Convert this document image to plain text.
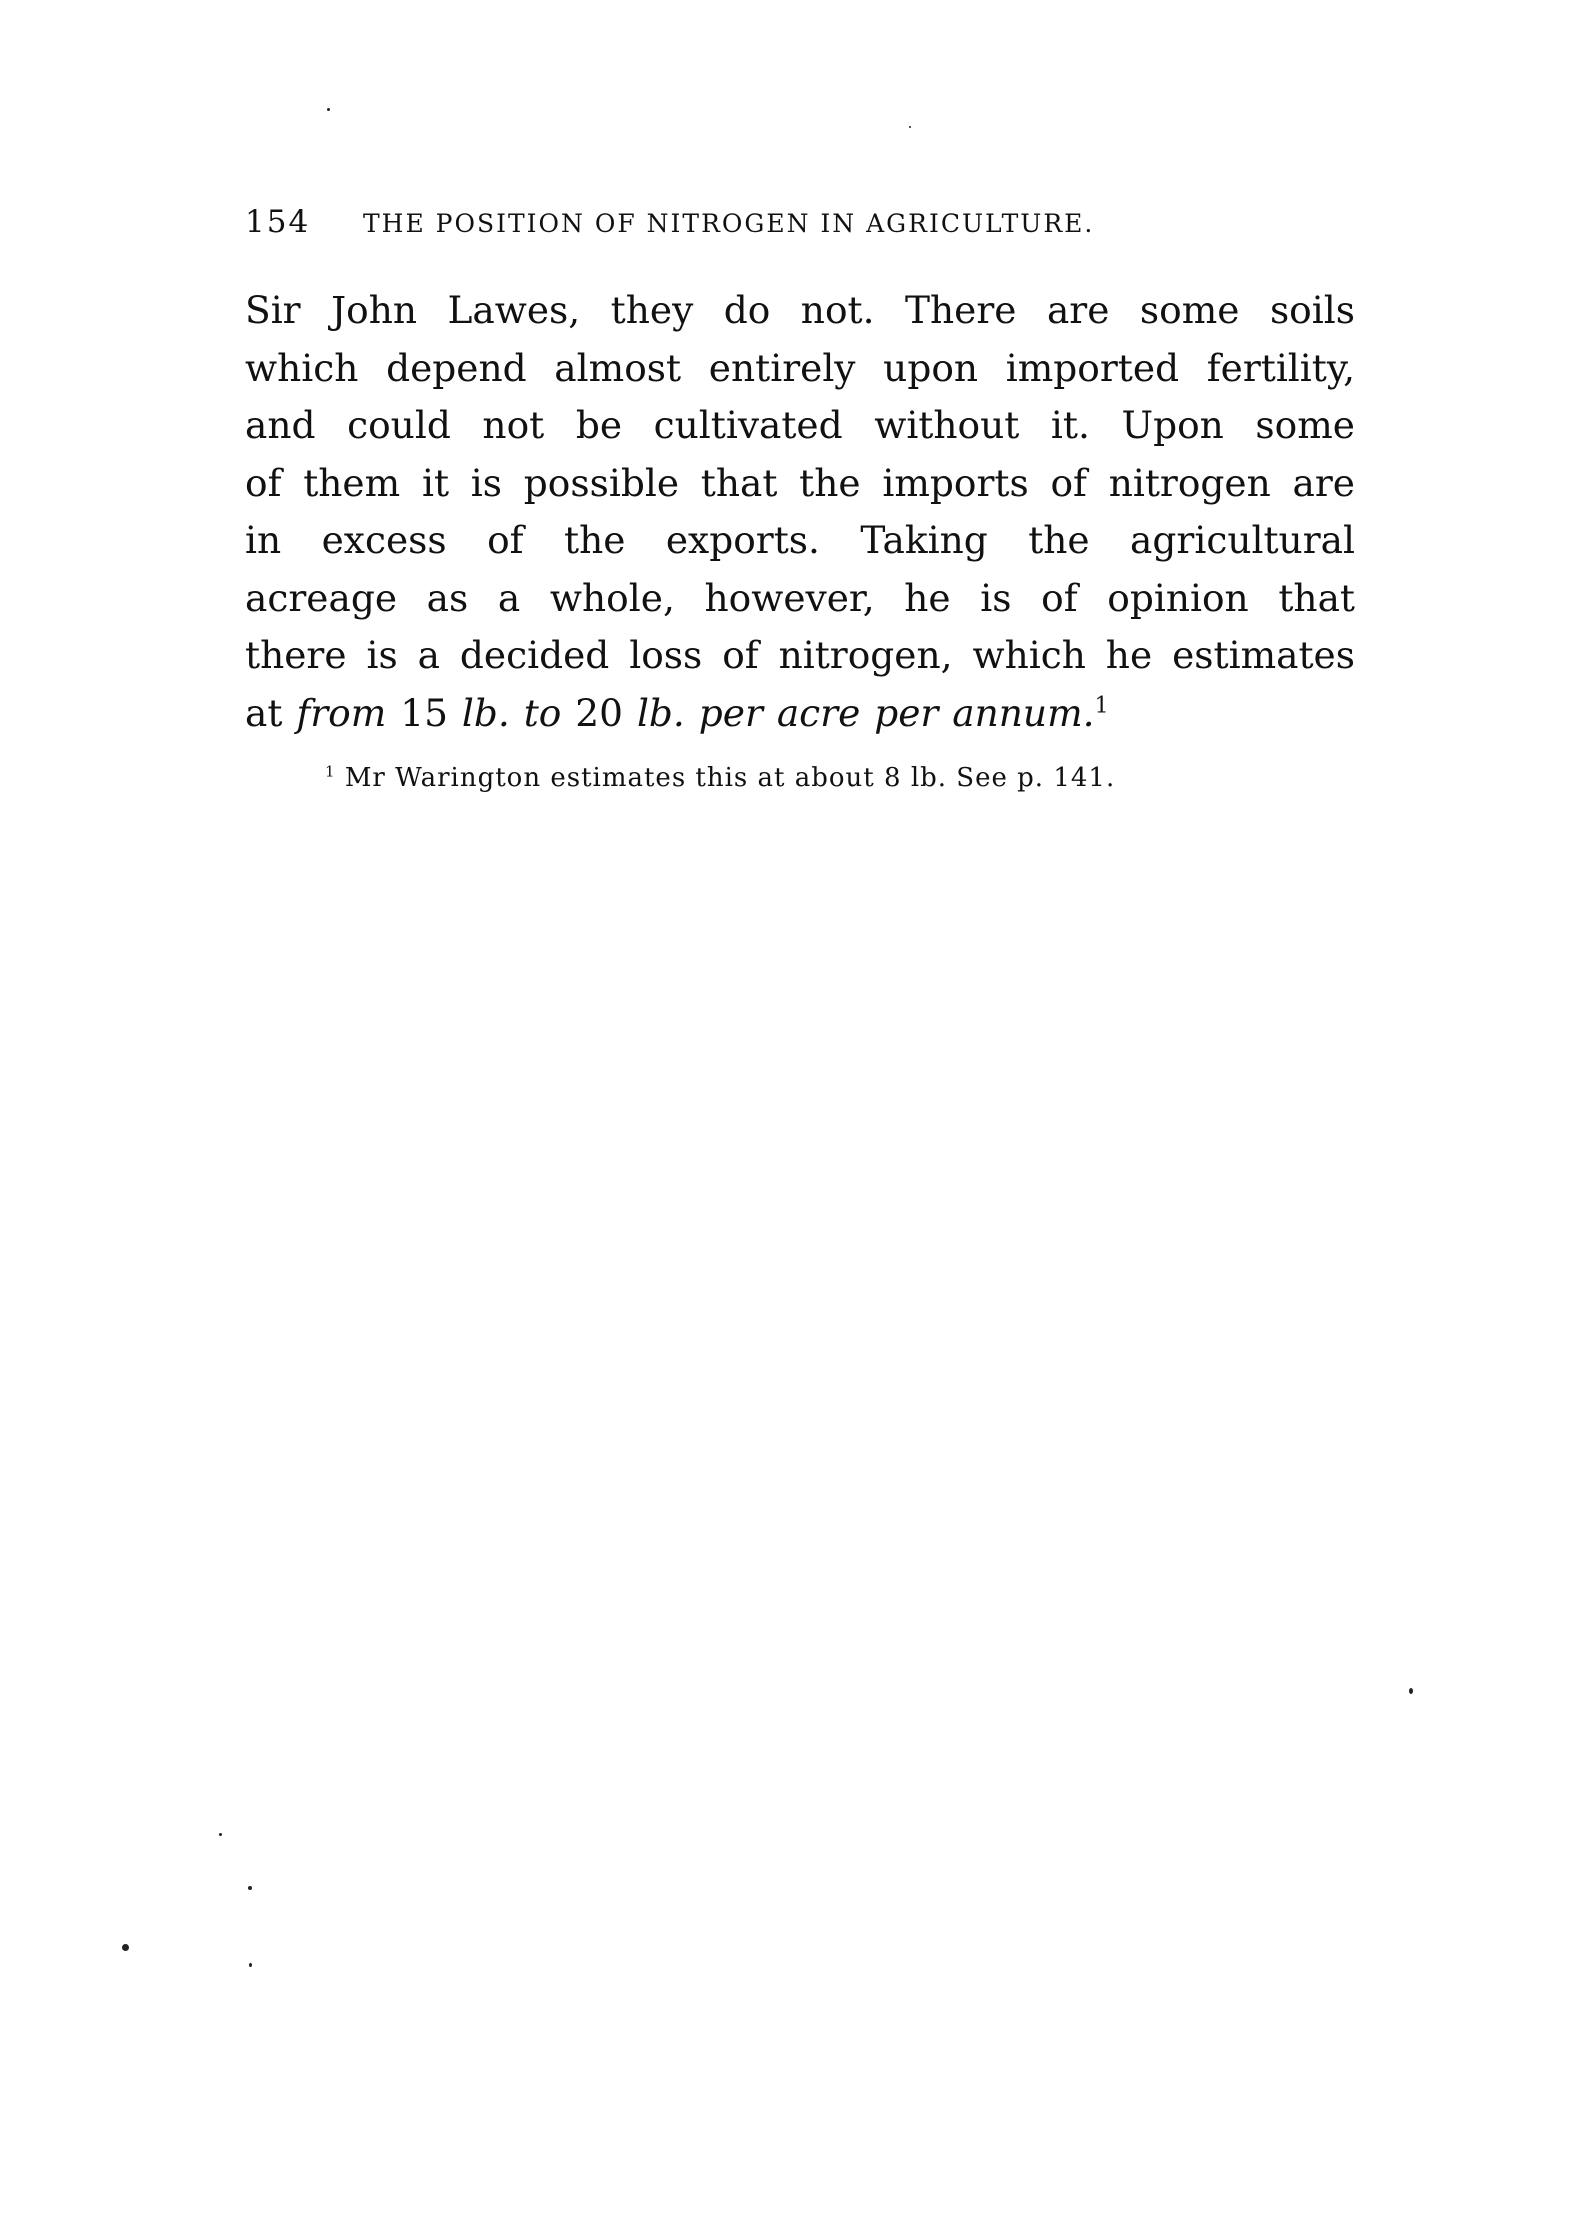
154 THE POSITION OF NITROGEN IN AGRICULTURE.
Sir John Lawes, they do not. There are some soils
which depend almost entirely upon imported fertility,
and could not be cultivated without it. Upon some
of them it is possible that the imports of nitrogen are
in excess of the exports. Taking the agricultural
acreage as a whole, however, he is of opinion that
there is a decided loss of nitrogen, which he estimates
at from 15 lb. to 20 lb. per acre per annum.$^1$
$^1$ Mr Warington estimates this at about 8 lb. See p. 141.
